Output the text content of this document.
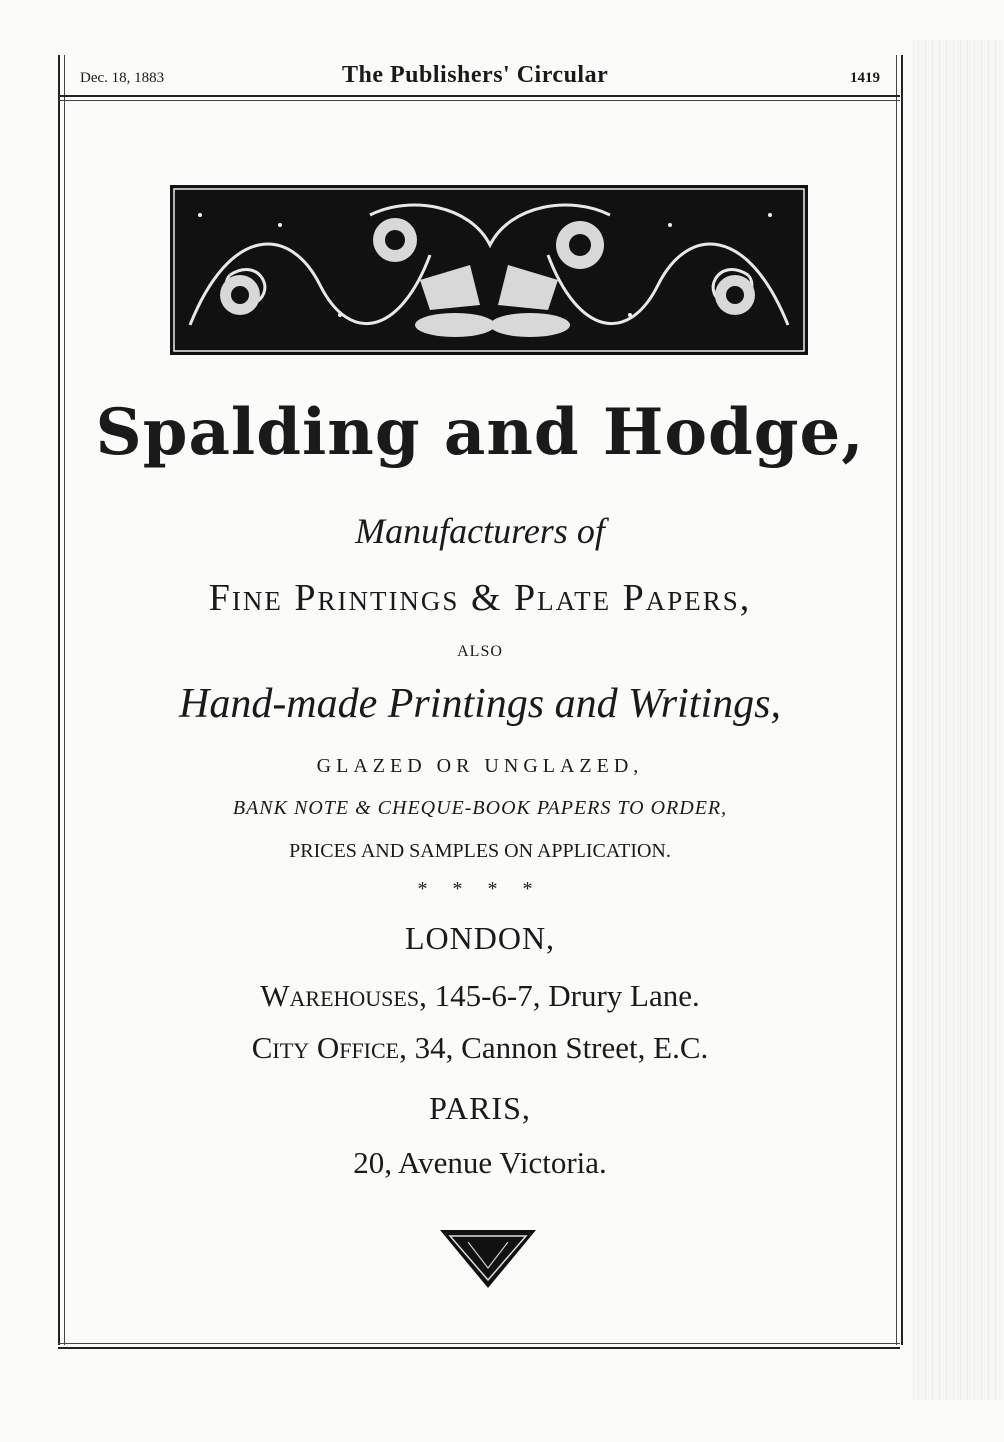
Dec. 18, 1883	The Publishers' Circular	1419
Spalding and Hodge,
Manufacturers of
Fine Printings & Plate Papers,
ALSO
Hand-made Printings and Writings,
GLAZED OR UNGLAZED,
BANK NOTE & CHEQUE-BOOK PAPERS TO ORDER,
PRICES AND SAMPLES ON APPLICATION.
* * * *
LONDON,
Warehouses, 145-6-7, Drury Lane.
City Office, 34, Cannon Street, E.C.
PARIS,
20, Avenue Victoria.
